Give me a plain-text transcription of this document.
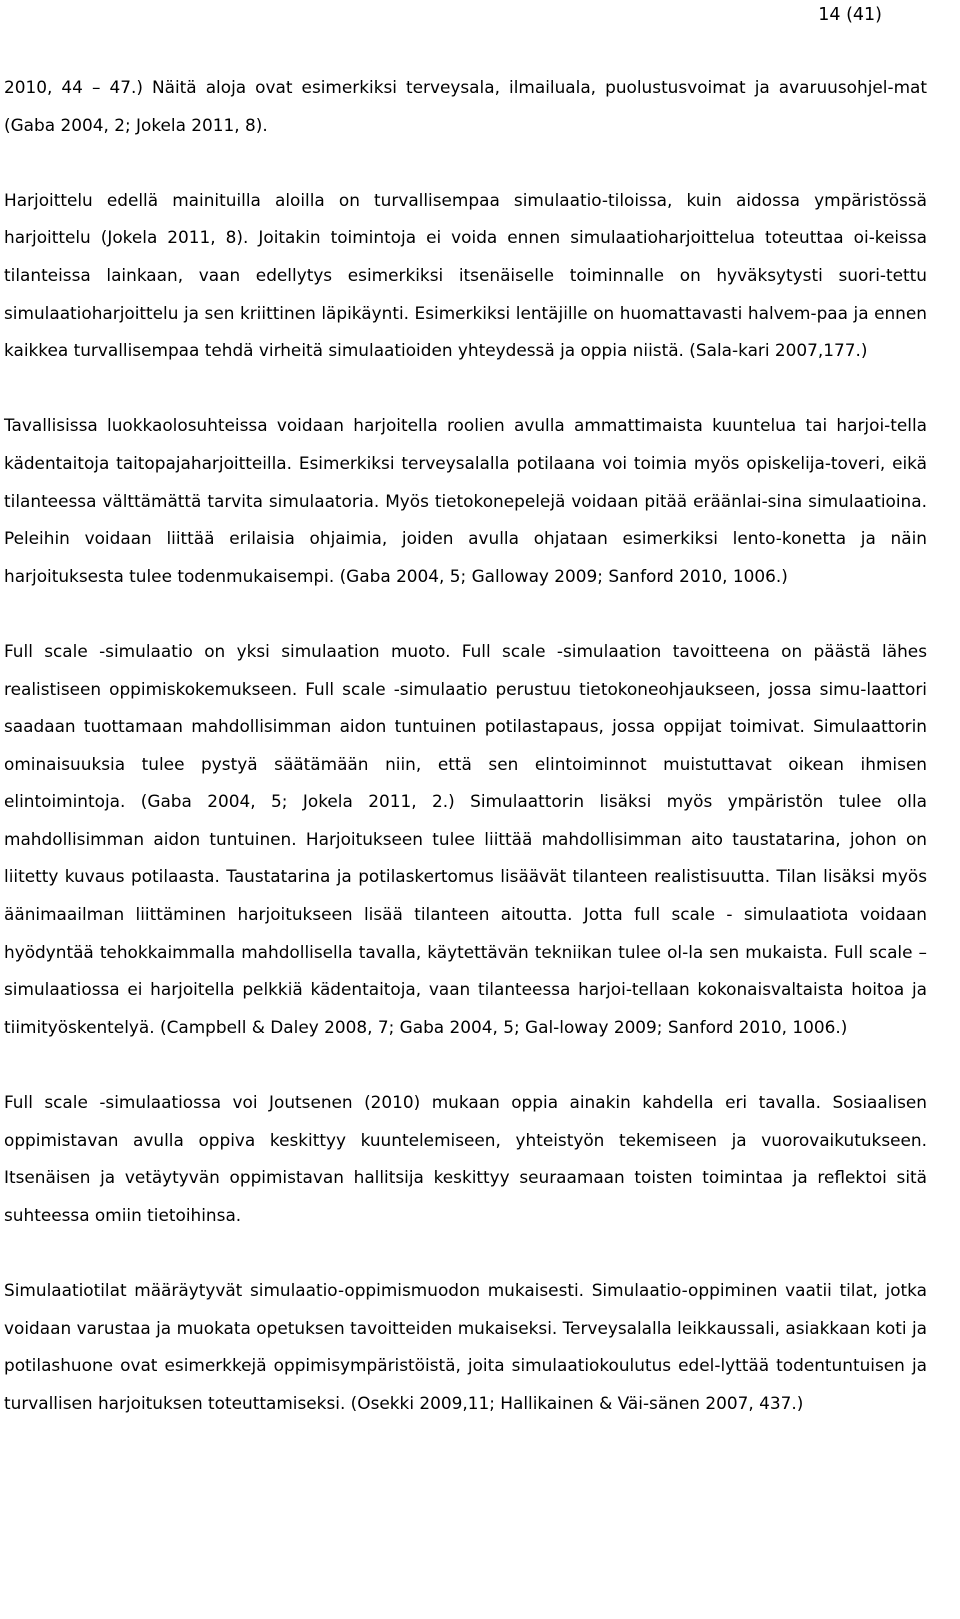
14 (41)

2010, 44 – 47.) Näitä aloja ovat esimerkiksi terveysala, ilmailuala, puolustusvoimat ja avaruusohjel-mat (Gaba 2004, 2; Jokela 2011, 8).

Harjoittelu edellä mainituilla aloilla on turvallisempaa simulaatio-tiloissa, kuin aidossa ympäristössä harjoittelu (Jokela 2011, 8). Joitakin toimintoja ei voida ennen simulaatioharjoittelua toteuttaa oi-keissa tilanteissa lainkaan, vaan edellytys esimerkiksi itsenäiselle toiminnalle on hyväksytysti suori-tettu simulaatioharjoittelu ja sen kriittinen läpikäynti. Esimerkiksi lentäjille on huomattavasti halvem-paa ja ennen kaikkea turvallisempaa tehdä virheitä simulaatioiden yhteydessä ja oppia niistä. (Sala-kari 2007,177.)

Tavallisissa luokkaolosuhteissa voidaan harjoitella roolien avulla ammattimaista kuuntelua tai harjoi-tella kädentaitoja taitopajaharjoitteilla. Esimerkiksi terveysalalla potilaana voi toimia myös opiskelija-toveri, eikä tilanteessa välttämättä tarvita simulaatoria. Myös tietokonepelejä voidaan pitää eräänlai-sina simulaatioina. Peleihin voidaan liittää erilaisia ohjaimia, joiden avulla ohjataan esimerkiksi lento-konetta ja näin harjoituksesta tulee todenmukaisempi. (Gaba 2004, 5; Galloway 2009; Sanford 2010, 1006.)

Full scale -simulaatio on yksi simulaation muoto. Full scale -simulaation tavoitteena on päästä lähes realistiseen oppimiskokemukseen. Full scale -simulaatio perustuu tietokoneohjaukseen, jossa simu-laattori saadaan tuottamaan mahdollisimman aidon tuntuinen potilastapaus, jossa oppijat toimivat. Simulaattorin ominaisuuksia tulee pystyä säätämään niin, että sen elintoiminnot muistuttavat oikean ihmisen elintoimintoja. (Gaba 2004, 5; Jokela 2011, 2.) Simulaattorin lisäksi myös ympäristön tulee olla mahdollisimman aidon tuntuinen. Harjoitukseen tulee liittää mahdollisimman aito taustatarina, johon on liitetty kuvaus potilaasta. Taustatarina ja potilaskertomus lisäävät tilanteen realistisuutta. Tilan lisäksi myös äänimaailman liittäminen harjoitukseen lisää tilanteen aitoutta. Jotta full scale - simulaatiota voidaan hyödyntää tehokkaimmalla mahdollisella tavalla, käytettävän tekniikan tulee ol-la sen mukaista. Full scale –simulaatiossa ei harjoitella pelkkiä kädentaitoja, vaan tilanteessa harjoi-tellaan kokonaisvaltaista hoitoa ja tiimityöskentelyä. (Campbell & Daley 2008, 7; Gaba 2004, 5; Gal-loway 2009; Sanford 2010, 1006.)

Full scale -simulaatiossa voi Joutsenen (2010) mukaan oppia ainakin kahdella eri tavalla. Sosiaalisen oppimistavan avulla oppiva keskittyy kuuntelemiseen, yhteistyön tekemiseen ja vuorovaikutukseen. Itsenäisen ja vetäytyvän oppimistavan hallitsija keskittyy seuraamaan toisten toimintaa ja reflektoi sitä suhteessa omiin tietoihinsa.

Simulaatiotilat määräytyvät simulaatio-oppimismuodon mukaisesti. Simulaatio-oppiminen vaatii tilat, jotka voidaan varustaa ja muokata opetuksen tavoitteiden mukaiseksi. Terveysalalla leikkaussali, asiakkaan koti ja potilashuone ovat esimerkkejä oppimisympäristöistä, joita simulaatiokoulutus edel-lyttää todentuntuisen ja turvallisen harjoituksen toteuttamiseksi. (Osekki 2009,11; Hallikainen & Väi-sänen 2007, 437.)
